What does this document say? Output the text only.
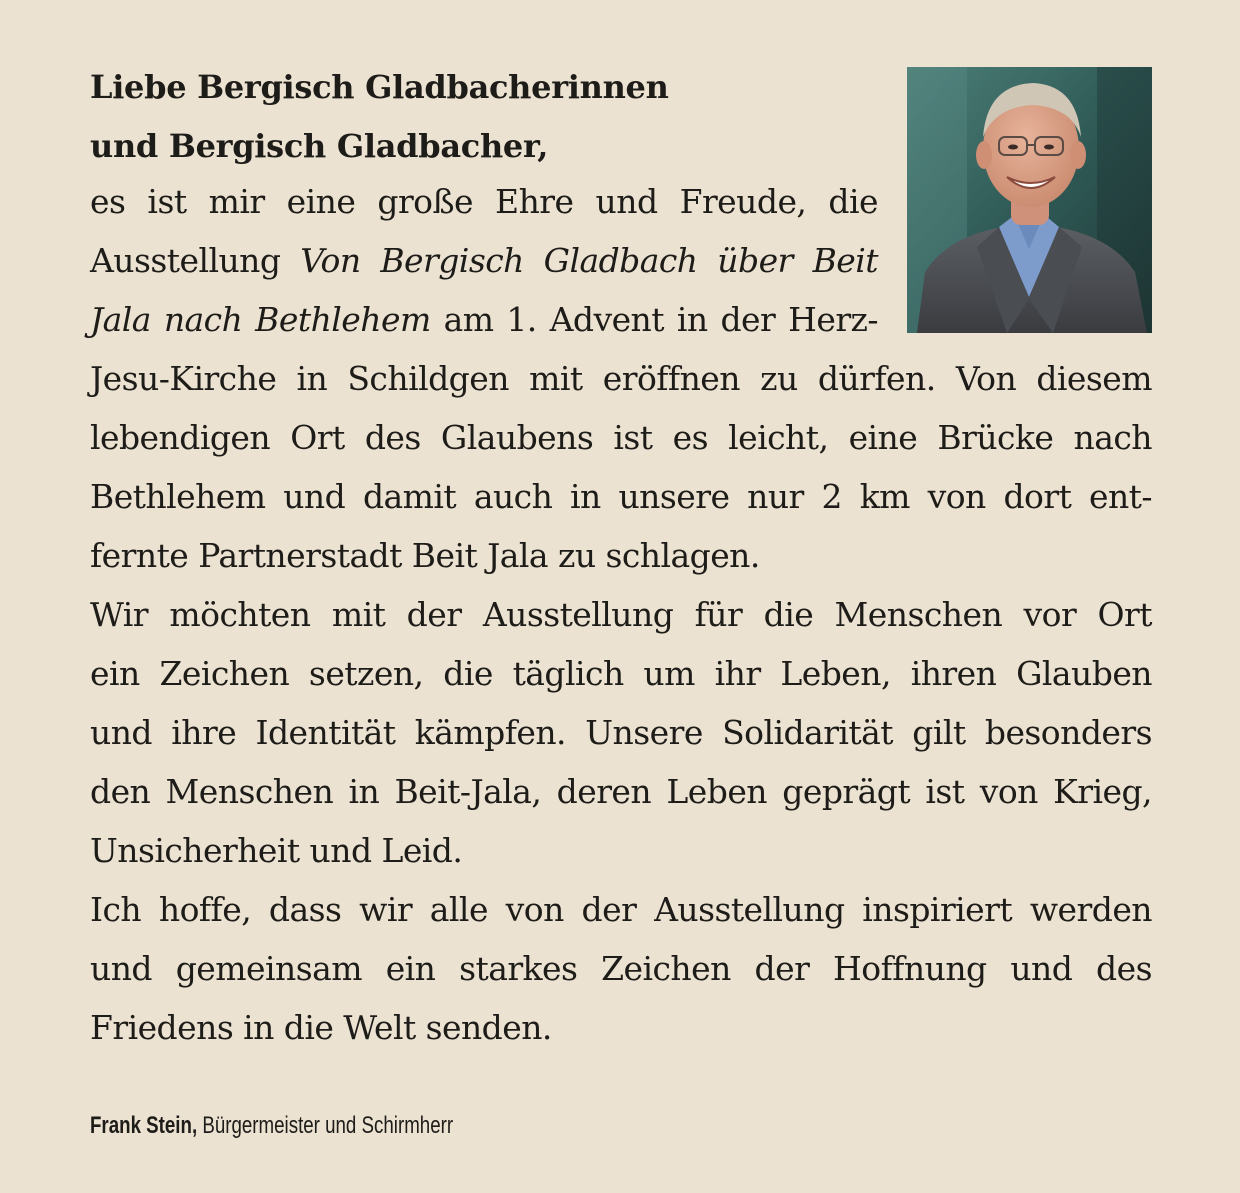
Liebe Bergisch Gladbacherinnen
und Bergisch Gladbacher,
es ist mir eine große Ehre und Freude, die
Ausstellung Von Bergisch Gladbach über Beit
Jala nach Bethlehem am 1. Advent in der Herz-
Jesu-Kirche in Schildgen mit eröffnen zu dürfen. Von diesem
lebendigen Ort des Glaubens ist es leicht, eine Brücke nach
Bethlehem und damit auch in unsere nur 2 km von dort ent-
fernte Partnerstadt Beit Jala zu schlagen.
Wir möchten mit der Ausstellung für die Menschen vor Ort
ein Zeichen setzen, die täglich um ihr Leben, ihren Glauben
und ihre Identität kämpfen. Unsere Solidarität gilt besonders
den Menschen in Beit-Jala, deren Leben geprägt ist von Krieg,
Unsicherheit und Leid.
Ich hoffe, dass wir alle von der Ausstellung inspiriert werden
und gemeinsam ein starkes Zeichen der Hoffnung und des
Friedens in die Welt senden.
Frank Stein, Bürgermeister und Schirmherr
